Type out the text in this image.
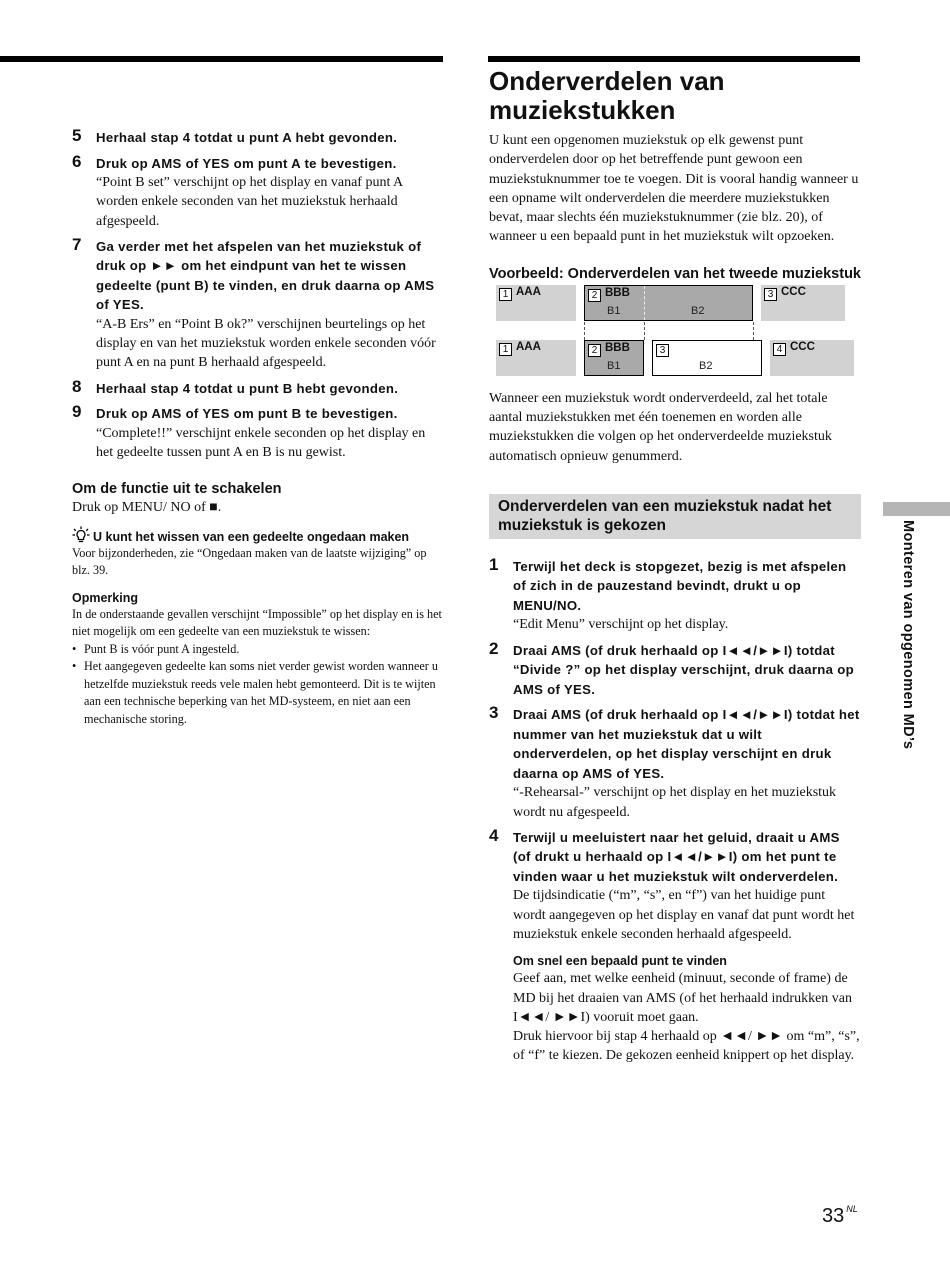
5 Herhaal stap 4 totdat u punt A hebt gevonden.
6 Druk op AMS of YES om punt A te bevestigen.
“Point B set” verschijnt op het display en vanaf punt A worden enkele seconden van het muziekstuk herhaald afgespeeld.
7 Ga verder met het afspelen van het muziekstuk of druk op ►► om het eindpunt van het te wissen gedeelte (punt B) te vinden, en druk daarna op AMS of YES.
“A-B Ers” en “Point B ok?” verschijnen beurtelings op het display en van het muziekstuk worden enkele seconden vóór punt A en na punt B herhaald afgespeeld.
8 Herhaal stap 4 totdat u punt B hebt gevonden.
9 Druk op AMS of YES om punt B te bevestigen.
“Complete!!” verschijnt enkele seconden op het display en het gedeelte tussen punt A en B is nu gewist.
Om de functie uit te schakelen
Druk op MENU/ NO of ■.
U kunt het wissen van een gedeelte ongedaan maken
Voor bijzonderheden, zie “Ongedaan maken van de laatste wijziging” op blz. 39.
Opmerking
In de onderstaande gevallen verschijnt “Impossible” op het display en is het niet mogelijk om een gedeelte van een muziekstuk te wissen:
• Punt B is vóór punt A ingesteld.
• Het aangegeven gedeelte kan soms niet verder gewist worden wanneer u hetzelfde muziekstuk reeds vele malen hebt gemonteerd. Dit is te wijten aan een technische beperking van het MD-systeem, en niet aan een mechanische storing.
Onderverdelen van muziekstukken
U kunt een opgenomen muziekstuk op elk gewenst punt onderverdelen door op het betreffende punt gewoon een muziekstuknummer toe te voegen. Dit is vooral handig wanneer u een opname wilt onderverdelen die meerdere muziekstukken bevat, maar slechts één muziekstuknummer (zie blz. 20), of wanneer u een bepaald punt in het muziekstuk wilt opzoeken.
Voorbeeld: Onderverdelen van het tweede muziekstuk
1 AAA	2 BBB
B1	B2
3 CCC
1 AAA	2 BBB
B1
3
B2
4 CCC
Wanneer een muziekstuk wordt onderverdeeld, zal het totale aantal muziekstukken met één toenemen en worden alle muziekstukken die volgen op het onderverdeelde muziekstuk automatisch opnieuw genummerd.
Onderverdelen van een muziekstuk nadat het muziekstuk is gekozen
1 Terwijl het deck is stopgezet, bezig is met afspelen of zich in de pauzestand bevindt, drukt u op MENU/NO.
“Edit Menu” verschijnt op het display.
2 Draai AMS (of druk herhaald op I◄◄/►►I) totdat “Divide ?” op het display verschijnt, druk daarna op AMS of YES.
3 Draai AMS (of druk herhaald op I◄◄/►►I) totdat het nummer van het muziekstuk dat u wilt onderverdelen, op het display verschijnt en druk daarna op AMS of YES.
“-Rehearsal-” verschijnt op het display en het muziekstuk wordt nu afgespeeld.
4 Terwijl u meeluistert naar het geluid, draait u AMS (of drukt u herhaald op I◄◄/►►I) om het punt te vinden waar u het muziekstuk wilt onderverdelen.
De tijdsindicatie (“m”, “s”, en “f”) van het huidige punt wordt aangegeven op het display en vanaf dat punt wordt het muziekstuk enkele seconden herhaald afgespeeld.
Om snel een bepaald punt te vinden
Geef aan, met welke eenheid (minuut, seconde of frame) de MD bij het draaien van AMS (of het herhaald indrukken van I◄◄/ ►►I) vooruit moet gaan.
Druk hiervoor bij stap 4 herhaald op ◄◄/ ►► om “m”, “s”, of “f” te kiezen. De gekozen eenheid knippert op het display.
Monteren van opgenomen MD’s
33 $^{NL}$
